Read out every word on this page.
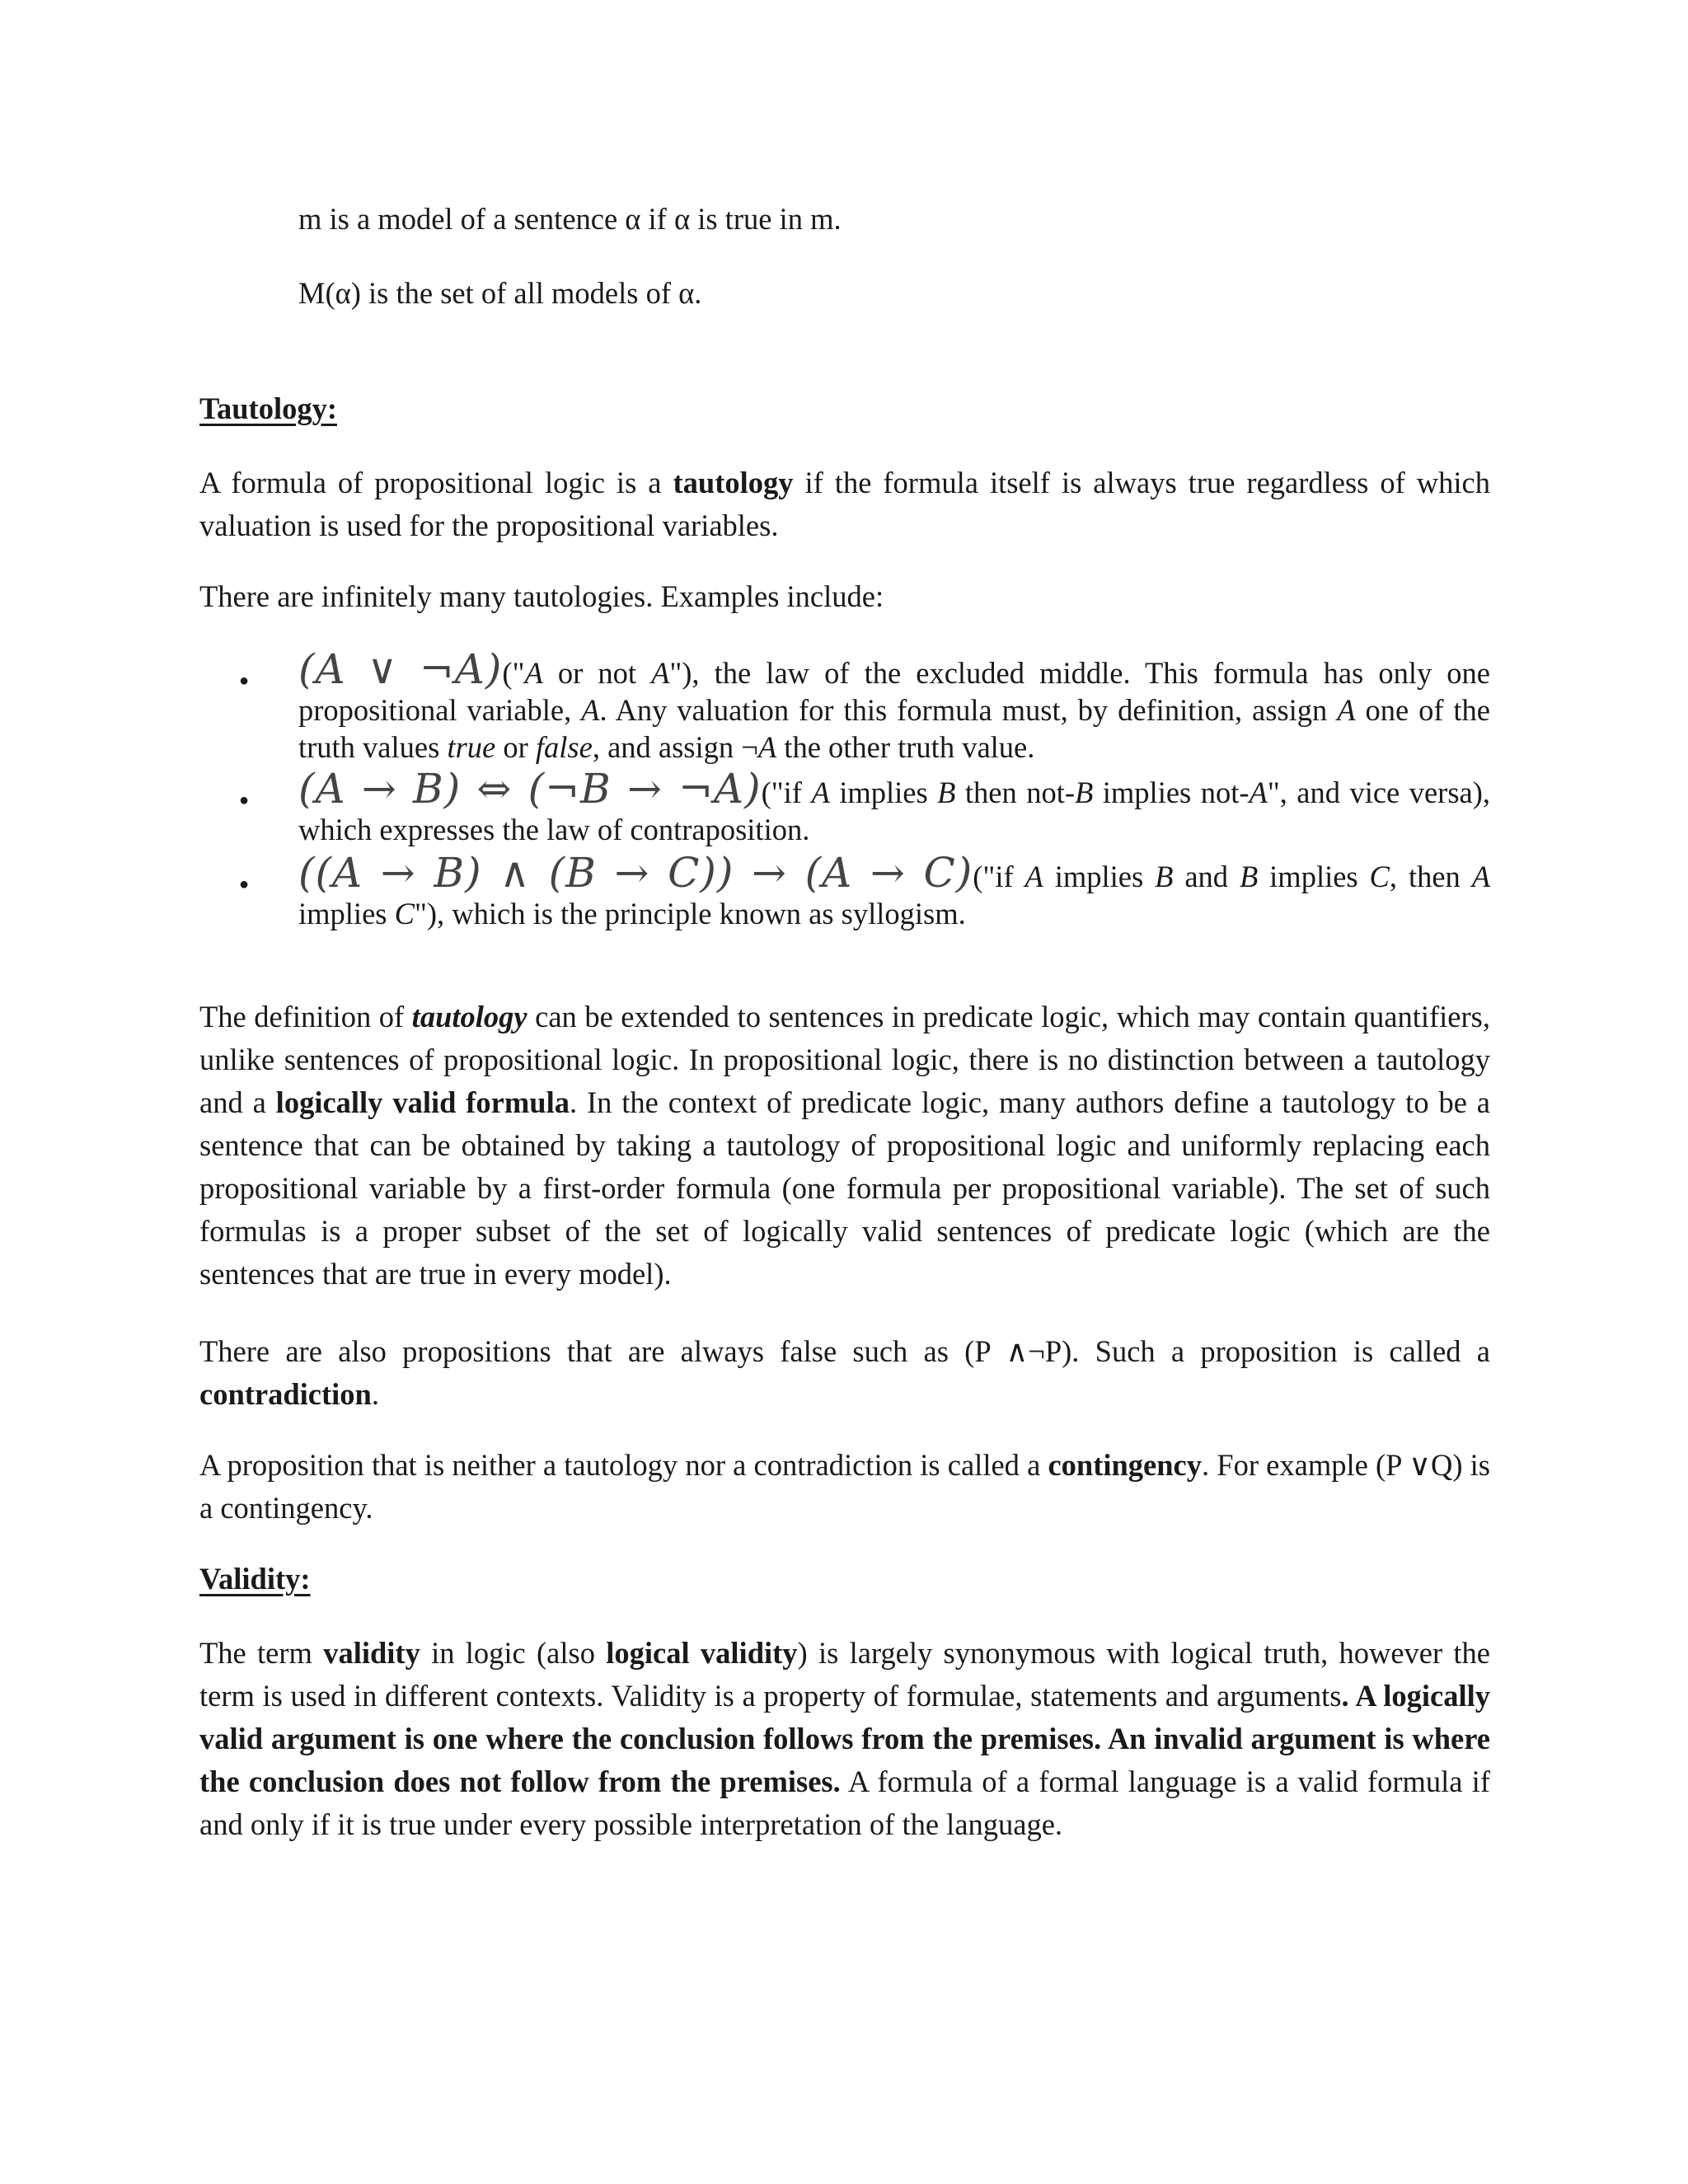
m is a model of a sentence α if α is true in m.

M(α) is the set of all models of α.

Tautology:

A formula of propositional logic is a tautology if the formula itself is always true regardless of which valuation is used for the propositional variables.

There are infinitely many tautologies. Examples include:

● (A ∨ ¬A)("A or not A"), the law of the excluded middle. This formula has only one propositional variable, A. Any valuation for this formula must, by definition, assign A one of the truth values true or false, and assign ¬A the other truth value.
● (A → B) ⇔ (¬B → ¬A)("if A implies B then not-B implies not-A", and vice versa), which expresses the law of contraposition.
● ((A → B) ∧ (B → C)) → (A → C)("if A implies B and B implies C, then A implies C"), which is the principle known as syllogism.

The definition of tautology can be extended to sentences in predicate logic, which may contain quantifiers, unlike sentences of propositional logic. In propositional logic, there is no distinction between a tautology and a logically valid formula. In the context of predicate logic, many authors define a tautology to be a sentence that can be obtained by taking a tautology of propositional logic and uniformly replacing each propositional variable by a first-order formula (one formula per propositional variable). The set of such formulas is a proper subset of the set of logically valid sentences of predicate logic (which are the sentences that are true in every model).

There are also propositions that are always false such as (P ∧¬P). Such a proposition is called a contradiction.

A proposition that is neither a tautology nor a contradiction is called a contingency. For example (P ∨Q) is a contingency.

Validity:

The term validity in logic (also logical validity) is largely synonymous with logical truth, however the term is used in different contexts. Validity is a property of formulae, statements and arguments. A logically valid argument is one where the conclusion follows from the premises. An invalid argument is where the conclusion does not follow from the premises. A formula of a formal language is a valid formula if and only if it is true under every possible interpretation of the language.
